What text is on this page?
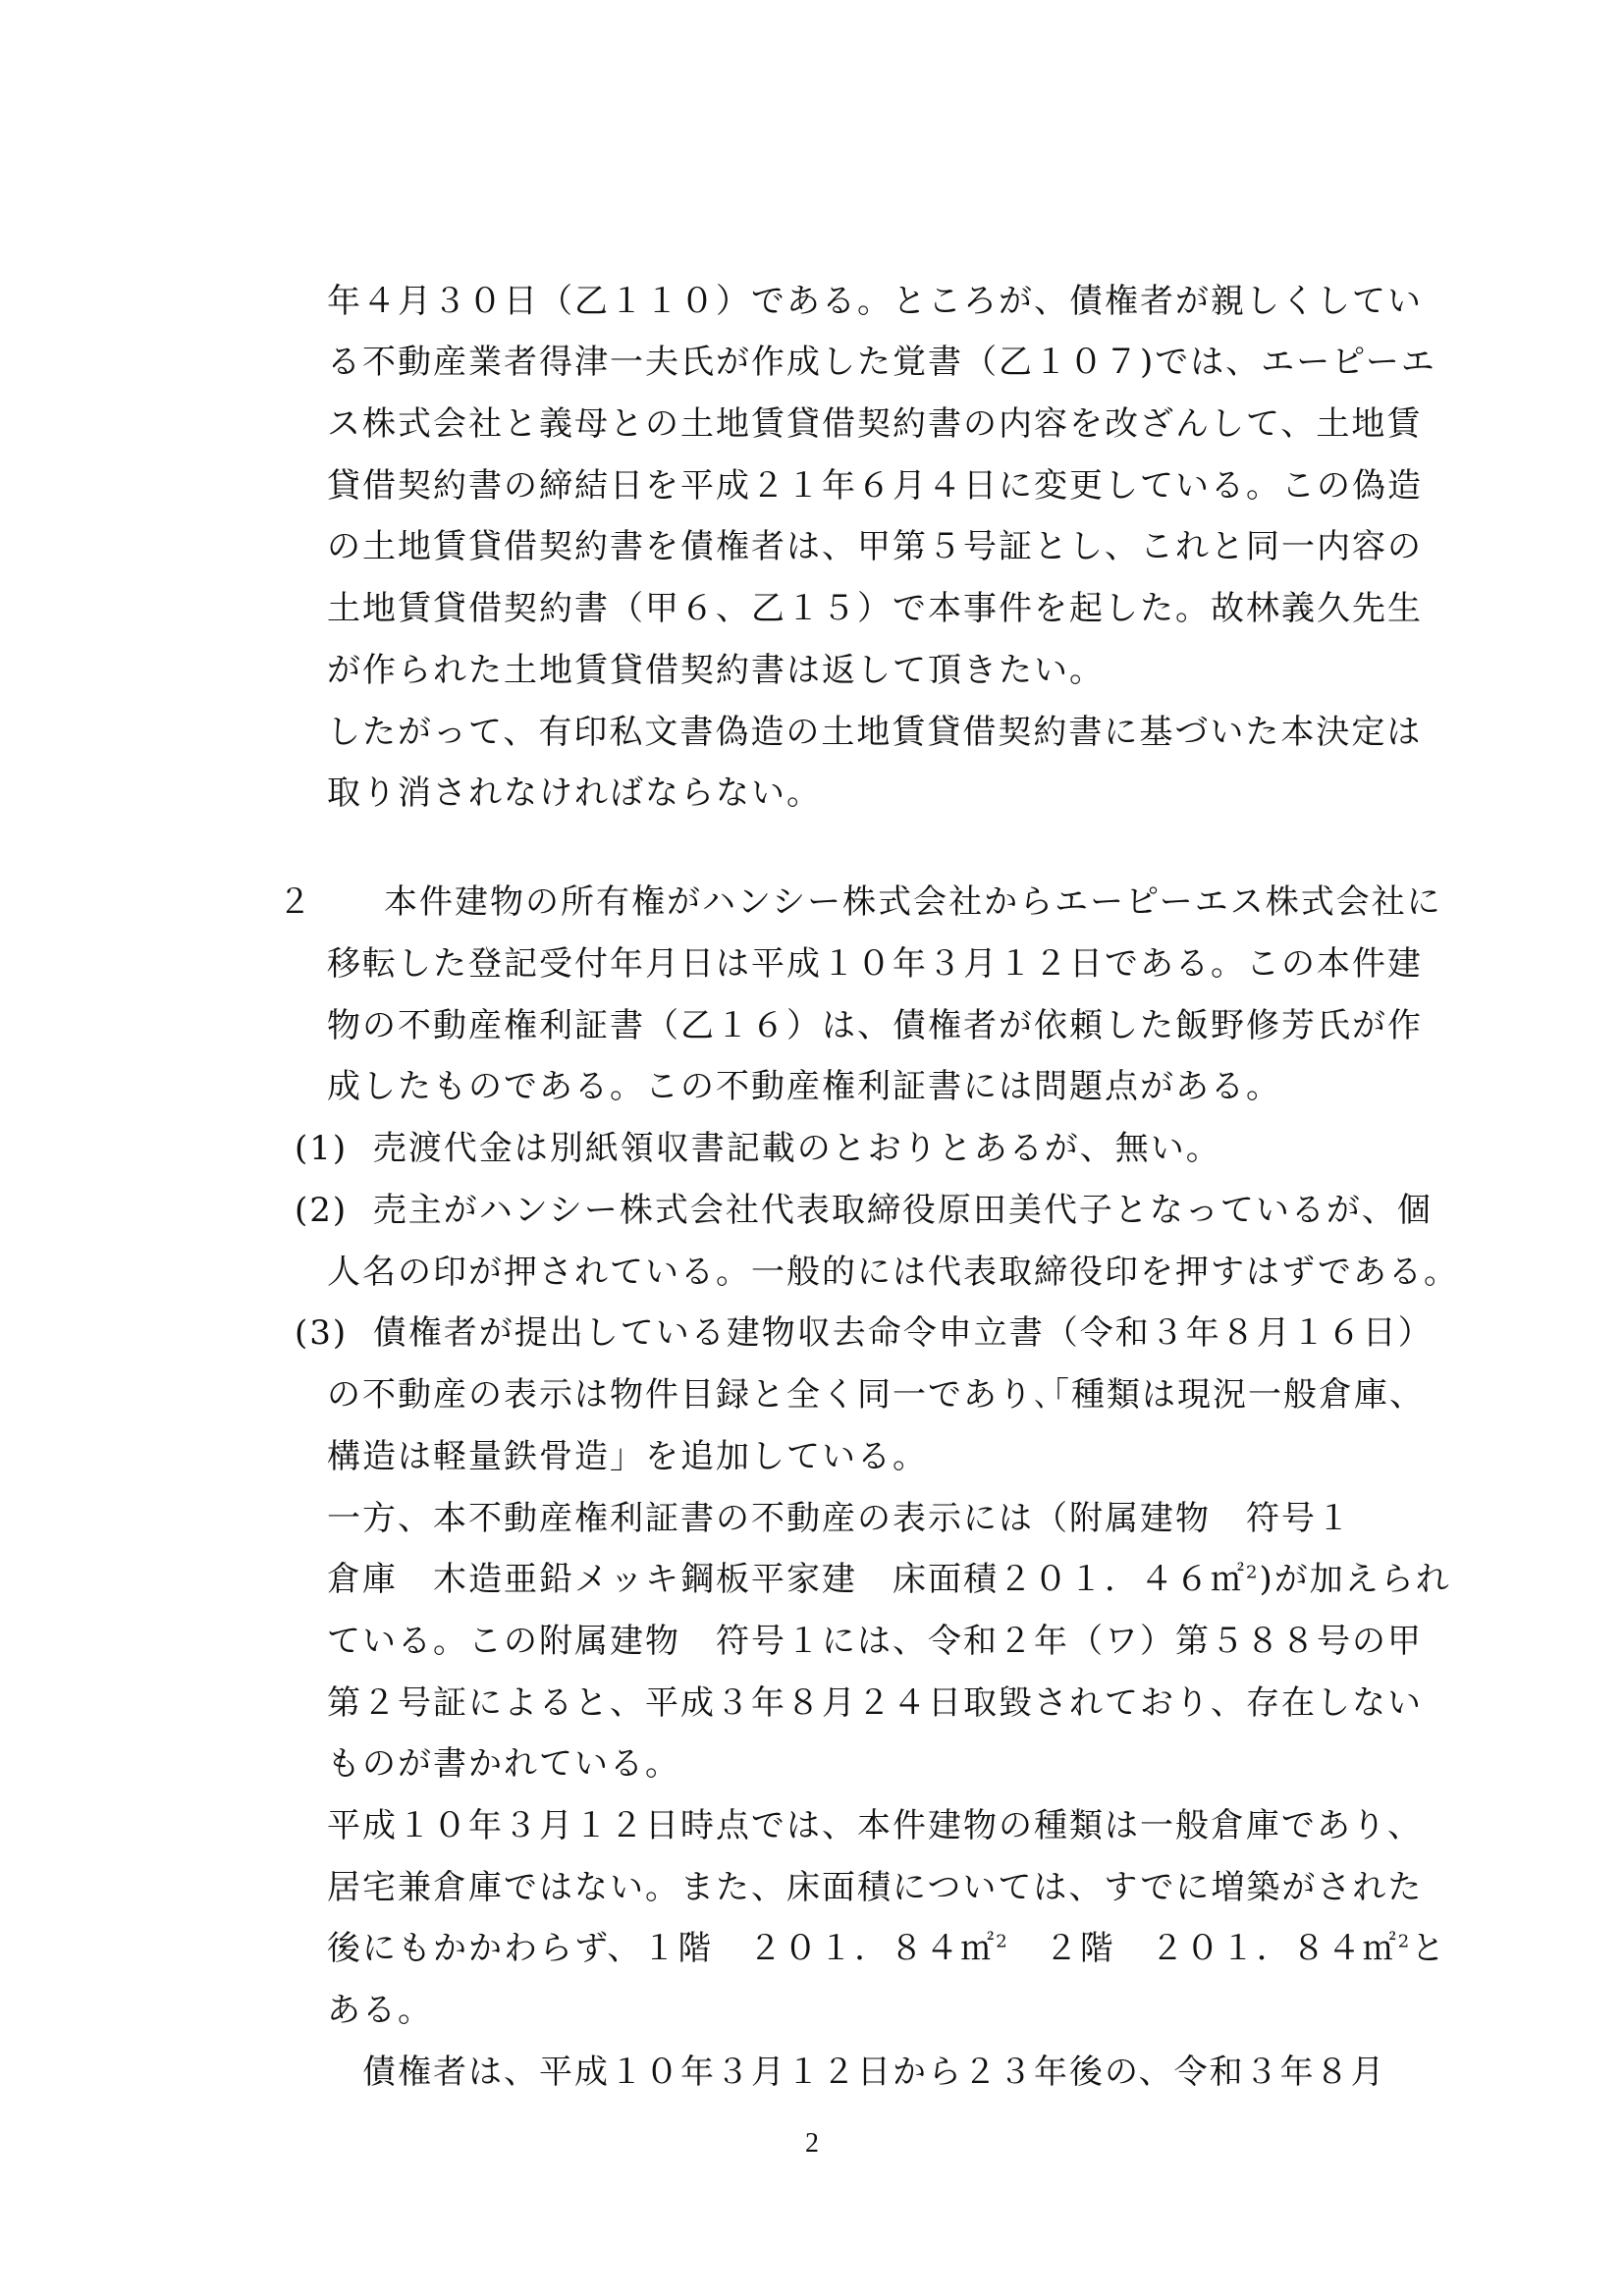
年４月３０日（乙１１０）である。ところが、債権者が親しくしてい
る不動産業者得津一夫氏が作成した覚書（乙１０７)では、エーピーエ
ス株式会社と義母との土地賃貸借契約書の内容を改ざんして、土地賃
貸借契約書の締結日を平成２１年６月４日に変更している。この偽造
の土地賃貸借契約書を債権者は、甲第５号証とし、これと同一内容の
土地賃貸借契約書（甲６、乙１５）で本事件を起した。故林義久先生
が作られた土地賃貸借契約書は返して頂きたい。
したがって、有印私文書偽造の土地賃貸借契約書に基づいた本決定は
取り消されなければならない。
２　　本件建物の所有権がハンシー株式会社からエーピーエス株式会社に
移転した登記受付年月日は平成１０年３月１２日である。この本件建
物の不動産権利証書（乙１６）は、債権者が依頼した飯野修芳氏が作
成したものである。この不動産権利証書には問題点がある。
(1)  売渡代金は別紙領収書記載のとおりとあるが、無い。
(2)  売主がハンシー株式会社代表取締役原田美代子となっているが、個
人名の印が押されている。一般的には代表取締役印を押すはずである。
(3)  債権者が提出している建物収去命令申立書（令和３年８月１６日）
の不動産の表示は物件目録と全く同一であり､｢種類は現況一般倉庫、
構造は軽量鉄骨造」を追加している。
一方、本不動産権利証書の不動産の表示には（附属建物　符号１
倉庫　木造亜鉛メッキ鋼板平家建　床面積２０１．４６㎡$^2$)が加えられ
ている。この附属建物　符号１には、令和２年（ワ）第５８８号の甲
第２号証によると、平成３年８月２４日取毀されており、存在しない
ものが書かれている。
平成１０年３月１２日時点では、本件建物の種類は一般倉庫であり、
居宅兼倉庫ではない。また、床面積については、すでに増築がされた
後にもかかわらず、１階　２０１．８４㎡$^2$　 ２階　２０１．８４㎡$^2$と
ある。
　債権者は、平成１０年３月１２日から２３年後の、令和３年８月
2
